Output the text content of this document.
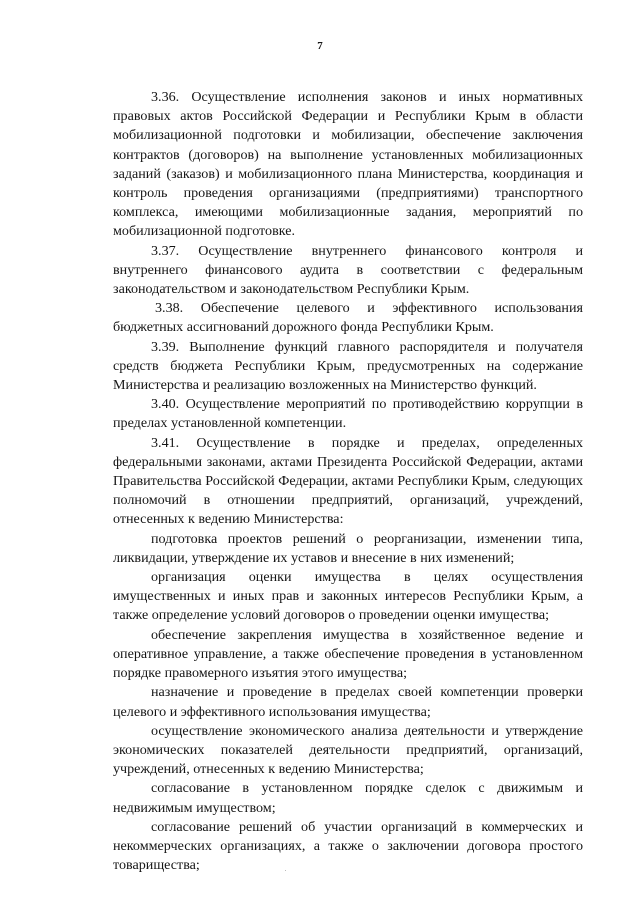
7

3.36. Осуществление исполнения законов и иных нормативных правовых актов Российской Федерации и Республики Крым в области мобилизационной подготовки и мобилизации, обеспечение заключения контрактов (договоров) на выполнение установленных мобилизационных заданий (заказов) и мобилизационного плана Министерства, координация и контроль проведения организациями (предприятиями) транспортного комплекса, имеющими мобилизационные задания, мероприятий по мобилизационной подготовке.

3.37. Осуществление внутреннего финансового контроля и внутреннего финансового аудита в соответствии с федеральным законодательством и законодательством Республики Крым.

3.38. Обеспечение целевого и эффективного использования бюджетных ассигнований дорожного фонда Республики Крым.

3.39. Выполнение функций главного распорядителя и получателя средств бюджета Республики Крым, предусмотренных на содержание Министерства и реализацию возложенных на Министерство функций.

3.40. Осуществление мероприятий по противодействию коррупции в пределах установленной компетенции.

3.41. Осуществление в порядке и пределах, определенных федеральными законами, актами Президента Российской Федерации, актами Правительства Российской Федерации, актами Республики Крым, следующих полномочий в отношении предприятий, организаций, учреждений, отнесенных к ведению Министерства:

подготовка проектов решений о реорганизации, изменении типа, ликвидации, утверждение их уставов и внесение в них изменений;

организация оценки имущества в целях осуществления имущественных и иных прав и законных интересов Республики Крым, а также определение условий договоров о проведении оценки имущества;

обеспечение закрепления имущества в хозяйственное ведение и оперативное управление, а также обеспечение проведения в установленном порядке правомерного изъятия этого имущества;

назначение и проведение в пределах своей компетенции проверки целевого и эффективного использования имущества;

осуществление экономического анализа деятельности и утверждение экономических показателей деятельности предприятий, организаций, учреждений, отнесенных к ведению Министерства;

согласование в установленном порядке сделок с движимым и недвижимым имуществом;

согласование решений об участии организаций в коммерческих и некоммерческих организациях, а также о заключении договора простого товарищества;
